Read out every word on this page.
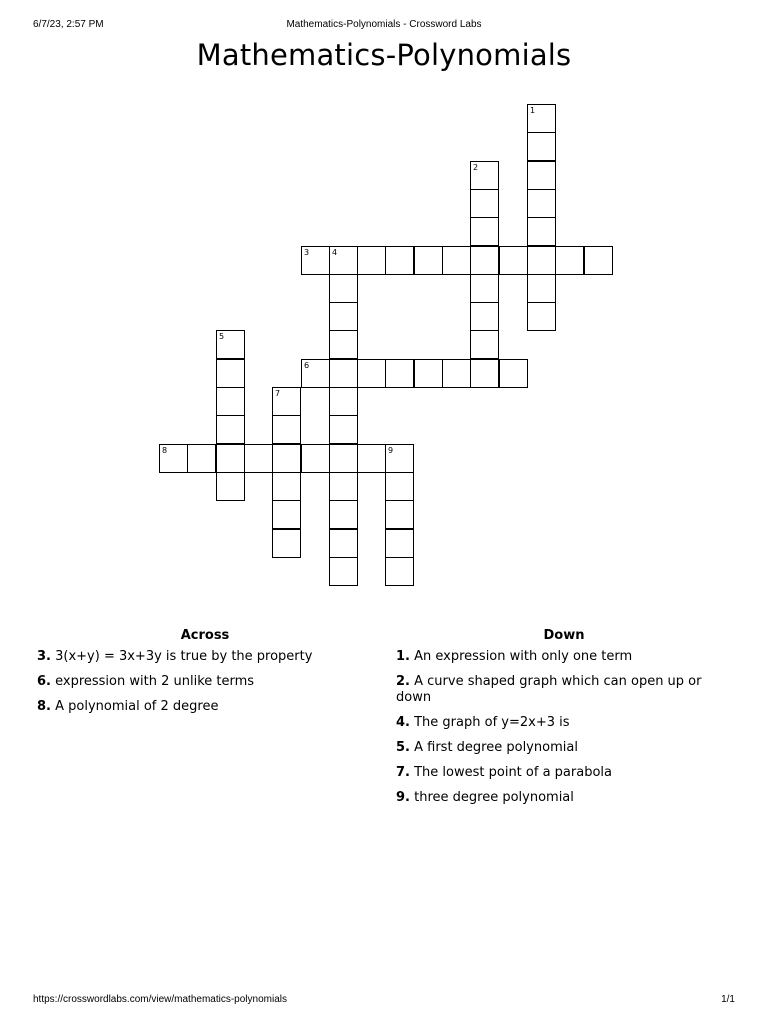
6/7/23, 2:57 PM	Mathematics-Polynomials - Crossword Labs
Mathematics-Polynomials
1
2
3	4
5
6
7
8	9
Across
3. 3(x+y) = 3x+3y is true by the property
6. expression with 2 unlike terms
8. A polynomial of 2 degree
Down
1. An expression with only one term
2. A curve shaped graph which can open up or down
4. The graph of y=2x+3 is
5. A first degree polynomial
7. The lowest point of a parabola
9. three degree polynomial
https://crosswordlabs.com/view/mathematics-polynomials	1/1
